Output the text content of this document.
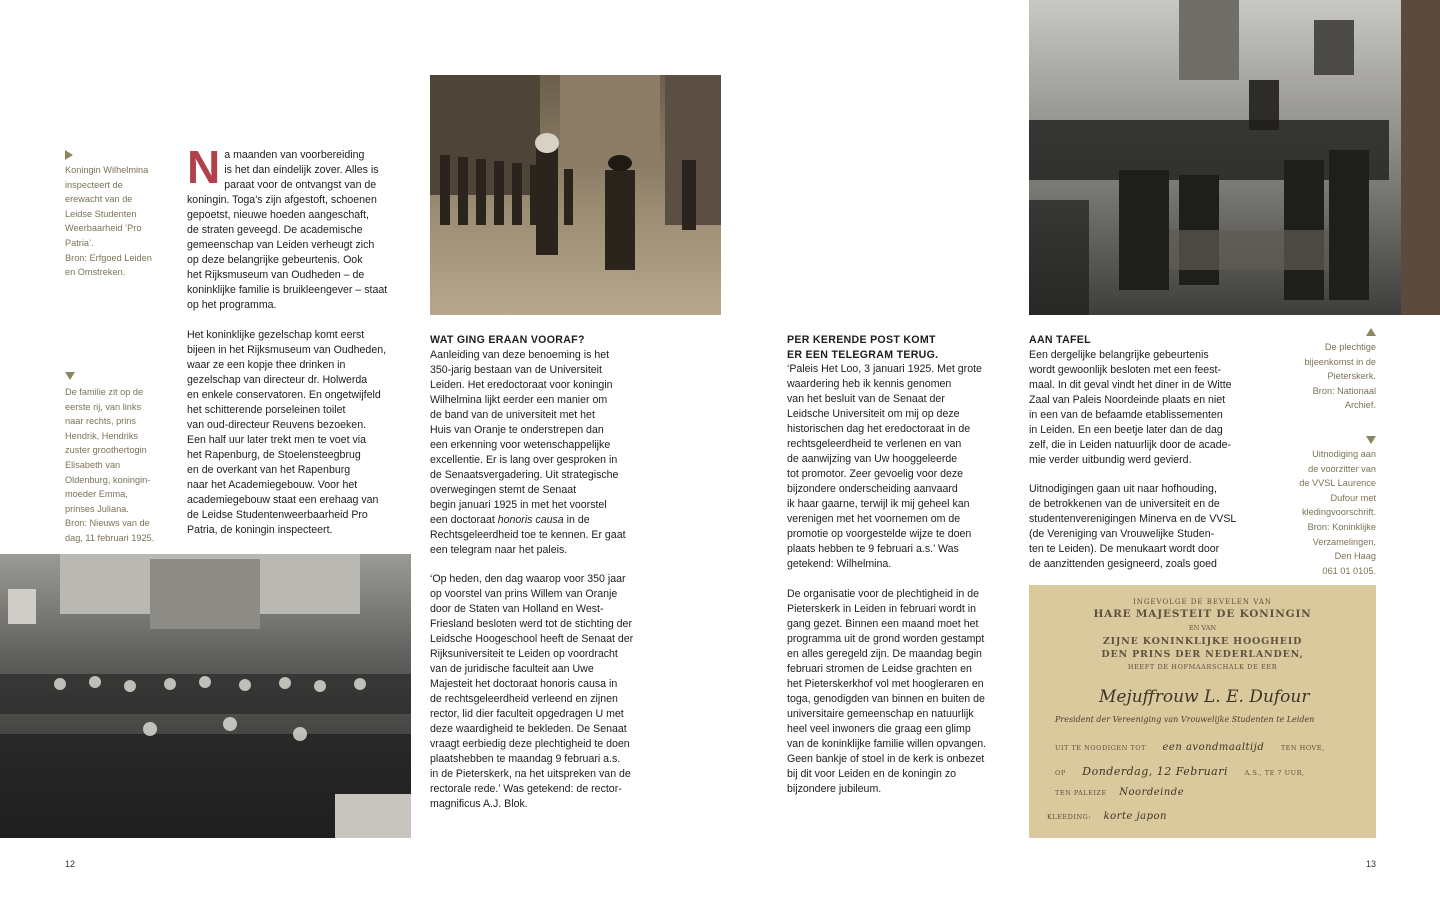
Koningin Wilhelmina
inspecteert de
erewacht van de
Leidse Studenten
Weerbaarheid ‘Pro
Patria’.
Bron: Erfgoed Leiden
en Omstreken.
De familie zit op de
eerste rij, van links
naar rechts, prins
Hendrik, Hendriks
zuster groothertogin
Elisabeth van
Oldenburg, koningin-
moeder Emma,
prinses Juliana.
Bron: Nieuws van de
dag, 11 februari 1925.

Na maanden van voorbereiding
is het dan eindelijk zover. Alles is
paraat voor de ontvangst van de
koningin. Toga’s zijn afgestoft, schoenen
gepoetst, nieuwe hoeden aangeschaft,
de straten geveegd. De academische
gemeenschap van Leiden verheugt zich
op deze belangrijke gebeurtenis. Ook
het Rijksmuseum van Oudheden – de
koninklijke familie is bruikleengever – staat
op het programma.

Het koninklijke gezelschap komt eerst
bijeen in het Rijksmuseum van Oudheden,
waar ze een kopje thee drinken in
gezelschap van directeur dr. Holwerda
en enkele conservatoren. En ongetwijfeld
het schitterende porseleinen toilet
van oud-directeur Reuvens bezoeken.
Een half uur later trekt men te voet via
het Rapenburg, de Stoelensteegbrug
en de overkant van het Rapenburg
naar het Academiegebouw. Voor het
academiegebouw staat een erehaag van
de Leidse Studentenweerbaarheid Pro
Patria, de koningin inspecteert.

WAT GING ERAAN VOORAF?

Aanleiding van deze benoeming is het
350-jarig bestaan van de Universiteit
Leiden. Het eredoctoraat voor koningin
Wilhelmina lijkt eerder een manier om
de band van de universiteit met het
Huis van Oranje te onderstrepen dan
een erkenning voor wetenschappelijke
excellentie. Er is lang over gesproken in
de Senaatsvergadering. Uit strategische
overwegingen stemt de Senaat
begin januari 1925 in met het voorstel
een doctoraat honoris causa in de
Rechtsgeleerdheid toe te kennen. Er gaat
een telegram naar het paleis.

‘Op heden, den dag waarop voor 350 jaar
op voorstel van prins Willem van Oranje
door de Staten van Holland en West-
Friesland besloten werd tot de stichting der
Leidsche Hoogeschool heeft de Senaat der
Rijksuniversiteit te Leiden op voordracht
van de juridische faculteit aan Uwe
Majesteit het doctoraat honoris causa in
de rechtsgeleerdheid verleend en zijnen
rector, lid dier faculteit opgedragen U met
deze waardigheid te bekleden. De Senaat
vraagt eerbiedig deze plechtigheid te doen
plaatshebben te maandag 9 februari a.s.
in de Pieterskerk, na het uitspreken van de
rectorale rede.’ Was getekend: de rector-
magnificus A.J. Blok.

12
PER KERENDE POST KOMT
ER EEN TELEGRAM TERUG.

‘Paleis Het Loo, 3 januari 1925. Met grote
waardering heb ik kennis genomen
van het besluit van de Senaat der
Leidsche Universiteit om mij op deze
historischen dag het eredoctoraat in de
rechtsgeleerdheid te verlenen en van
de aanwijzing van Uw hooggeleerde
tot promotor. Zeer gevoelig voor deze
bijzondere onderscheiding aanvaard
ik haar gaarne, terwijl ik mij geheel kan
verenigen met het voornemen om de
promotie op voorgestelde wijze te doen
plaats hebben te 9 februari a.s.’ Was
getekend: Wilhelmina.

De organisatie voor de plechtigheid in de
Pieterskerk in Leiden in februari wordt in
gang gezet. Binnen een maand moet het
programma uit de grond worden gestampt
en alles geregeld zijn. De maandag begin
februari stromen de Leidse grachten en
het Pieterskerkhof vol met hoogleraren en
toga, genodigden van binnen en buiten de
universitaire gemeenschap en natuurlijk
heel veel inwoners die graag een glimp
van de koninklijke familie willen opvangen.
Geen bankje of stoel in de kerk is onbezet
bij dit voor Leiden en de koningin zo
bijzondere jubileum.

AAN TAFEL

Een dergelijke belangrijke gebeurtenis
wordt gewoonlijk besloten met een feest-
maal. In dit geval vindt het diner in de Witte
Zaal van Paleis Noordeinde plaats en niet
in een van de befaamde etablissementen
in Leiden. En een beetje later dan de dag
zelf, die in Leiden natuurlijk door de acade-
mie verder uitbundig werd gevierd.

Uitnodigingen gaan uit naar hofhouding,
de betrokkenen van de universiteit en de
studentenverenigingen Minerva en de VVSL
(de Vereniging van Vrouwelijke Studen-
ten te Leiden). De menukaart wordt door
de aanzittenden gesigneerd, zoals goed

De plechtige
bijeenkomst in de
Pieterskerk.
Bron: Nationaal
Archief.
Uitnodiging aan
de voorzitter van
de VVSL Laurence
Dufour met
kledingvoorschrift.
Bron: Koninklijke
Verzamelingen,
Den Haag
061 01 0105.
INGEVOLGE DE BEVELEN VAN
HARE MAJESTEIT DE KONINGIN
EN VAN
ZIJNE KONINKLIJKE HOOGHEID
DEN PRINS DER NEDERLANDEN,
HEEFT DE HOFMAARSCHALK DE EER
Mejuffrouw L. E. Dufour
President der Vereeniging van Vrouwelijke Studenten te Leiden
UIT TE NOODIGEN TOT een avondmaaltijd	TEN HOVE,
OP Donderdag, 12 Februari	A.S., TE 7 UUR,
TEN PALEIZE Noordeinde
KLEEDING: korte japon
13
